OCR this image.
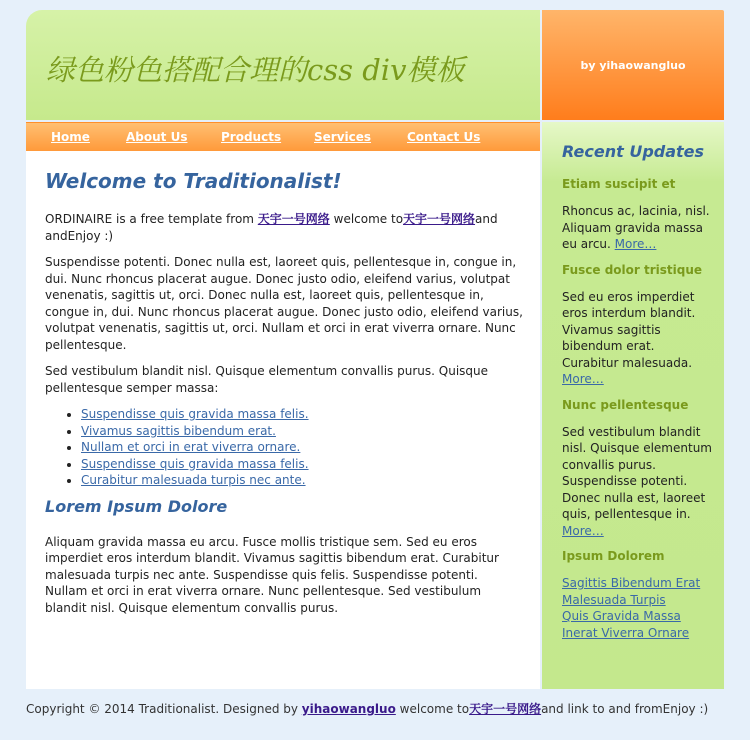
绿色粉色搭配合理的css div模板	by yihaowangluo
Home	About Us	Products	Services	Contact Us
Welcome to Traditionalist!

ORDINAIRE is a free template from 天宇一号网络 welcome to天宇一号网络and andEnjoy :)

Suspendisse potenti. Donec nulla est, laoreet quis, pellentesque in, congue in, dui. Nunc rhoncus placerat augue. Donec justo odio, eleifend varius, volutpat venenatis, sagittis ut, orci. Donec nulla est, laoreet quis, pellentesque in, congue in, dui. Nunc rhoncus placerat augue. Donec justo odio, eleifend varius, volutpat venenatis, sagittis ut, orci. Nullam et orci in erat viverra ornare. Nunc pellentesque.

Sed vestibulum blandit nisl. Quisque elementum convallis purus. Quisque pellentesque semper massa:

• Suspendisse quis gravida massa felis.
• Vivamus sagittis bibendum erat.
• Nullam et orci in erat viverra ornare.
• Suspendisse quis gravida massa felis.
• Curabitur malesuada turpis nec ante.
Lorem Ipsum Dolore

Aliquam gravida massa eu arcu. Fusce mollis tristique sem. Sed eu eros imperdiet eros interdum blandit. Vivamus sagittis bibendum erat. Curabitur malesuada turpis nec ante. Suspendisse quis felis. Suspendisse potenti. Nullam et orci in erat viverra ornare. Nunc pellentesque. Sed vestibulum blandit nisl. Quisque elementum convallis purus.

Recent Updates
Etiam suscipit et

Rhoncus ac, lacinia, nisl. Aliquam gravida massa eu arcu. More…

Fusce dolor tristique

Sed eu eros imperdiet eros interdum blandit. Vivamus sagittis bibendum erat. Curabitur malesuada. More…

Nunc pellentesque

Sed vestibulum blandit nisl. Quisque elementum convallis purus. Suspendisse potenti. Donec nulla est, laoreet quis, pellentesque in. More…

Ipsum Dolorem
Sagittis Bibendum Erat
Malesuada Turpis
Quis Gravida Massa
Inerat Viverra Ornare
Copyright © 2014 Traditionalist. Designed by yihaowangluo welcome to天宇一号网络and link to and fromEnjoy :)
